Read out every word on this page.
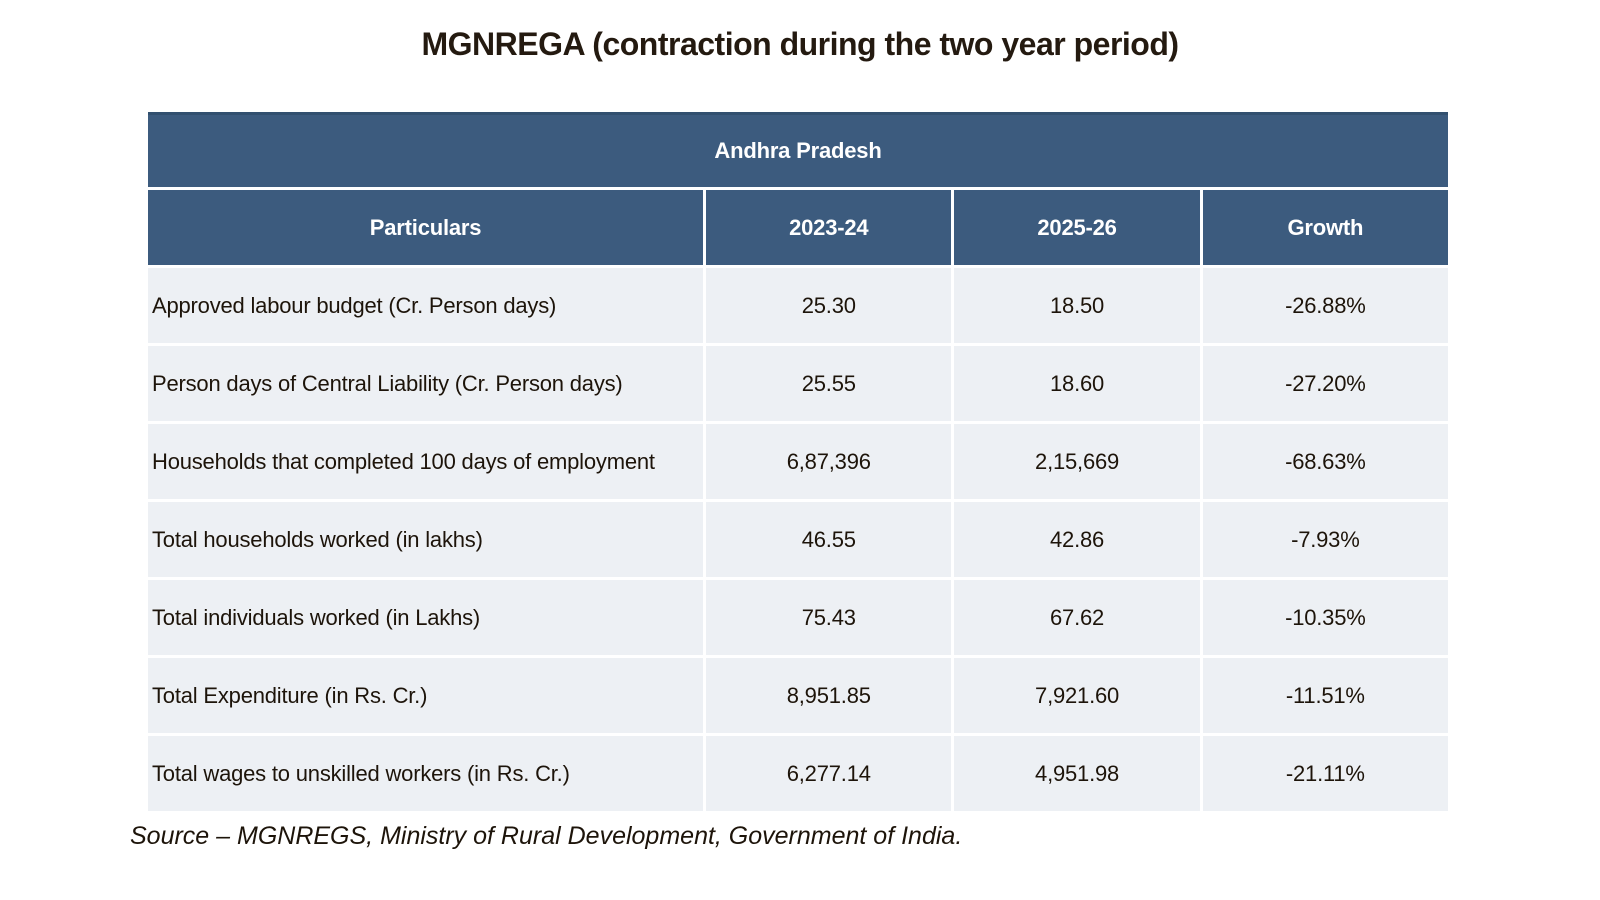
MGNREGA (contraction during the two year period)
Andhra Pradesh
Particulars	2023-24	2025-26	Growth
Approved labour budget (Cr. Person days)	25.30	18.50	-26.88%
Person days of Central Liability (Cr. Person days)	25.55	18.60	-27.20%
Households that completed 100 days of employment	6,87,396	2,15,669	-68.63%
Total households worked (in lakhs)	46.55	42.86	-7.93%
Total individuals worked (in Lakhs)	75.43	67.62	-10.35%
Total Expenditure (in Rs. Cr.)	8,951.85	7,921.60	-11.51%
Total wages to unskilled workers (in Rs. Cr.)	6,277.14	4,951.98	-21.11%

Source – MGNREGS, Ministry of Rural Development, Government of India.
